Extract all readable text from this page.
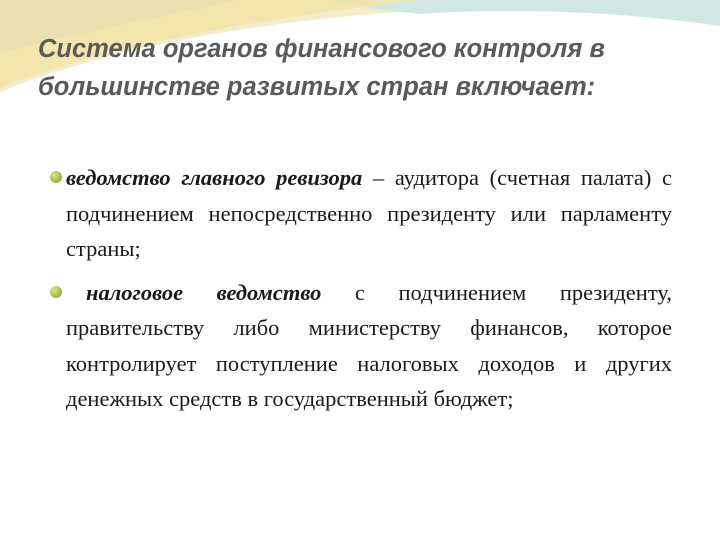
Система органов финансового контроля в большинстве развитых стран включает:
ведомство главного ревизора – аудитора (счетная палата) с подчинением непосредственно президенту или парламенту страны;
налоговое ведомство с подчинением президенту, правительству либо министерству финансов, которое контролирует поступление налоговых доходов и других денежных средств в государственный бюджет;
